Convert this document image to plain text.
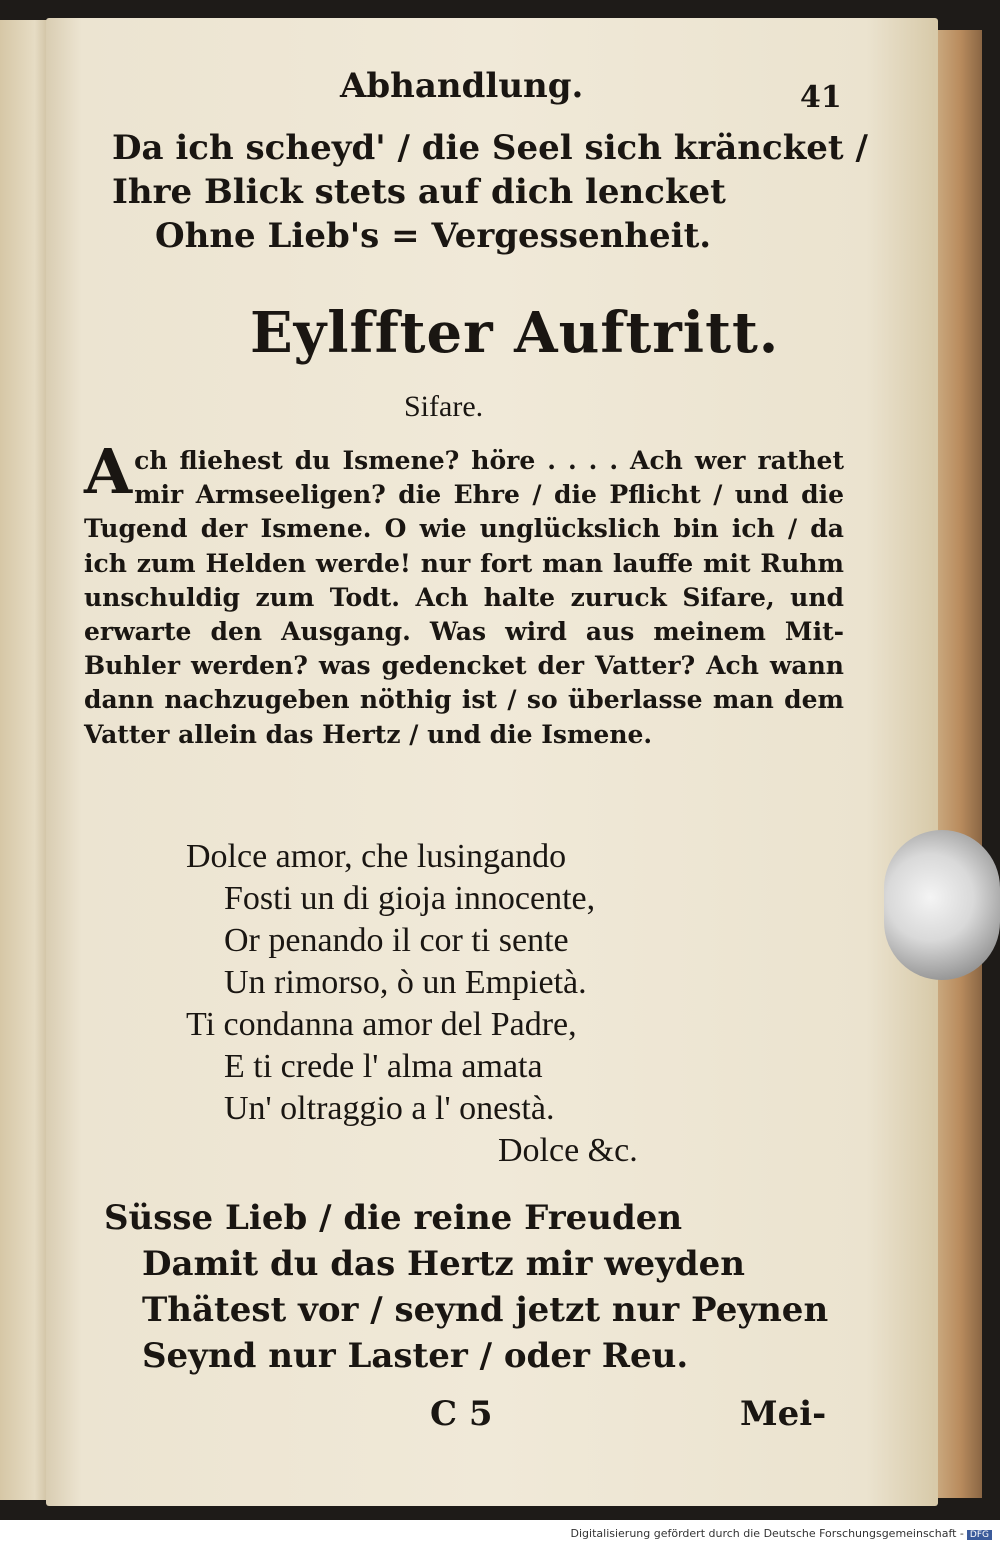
Abhandlung.	41

Da ich scheyd' / die Seel sich kräncket /

Ihre Blick stets auf dich lencket

Ohne Lieb's = Vergessenheit.

Eylffter Auftritt.

Sifare.

Ach fliehest du Ismene? höre . . . . Ach wer rathet mir Armseeligen? die Ehre / die Pflicht / und die Tugend der Ismene. O wie unglückslich bin ich / da ich zum Helden werde! nur fort man lauffe mit Ruhm unschuldig zum Todt. Ach halte zuruck Sifare, und erwarte den Ausgang. Was wird aus meinem Mit-Buhler werden? was gedencket der Vatter? Ach wann dann nachzugeben nöthig ist / so überlasse man dem Vatter allein das Hertz / und die Ismene.

Dolce amor, che lusingando

Fosti un di gioja innocente,

Or penando il cor ti sente

Un rimorso, ò un Empietà.

Ti condanna amor del Padre,

E ti crede l' alma amata

Un' oltraggio a l' onestà.

Dolce &c.

Süsse Lieb / die reine Freuden

Damit du das Hertz mir weyden

Thätest vor / seynd jetzt nur Peynen

Seynd nur Laster / oder Reu.

C 5	Mei-

Digitalisierung gefördert durch die Deutsche Forschungsgemeinschaft - DFG
